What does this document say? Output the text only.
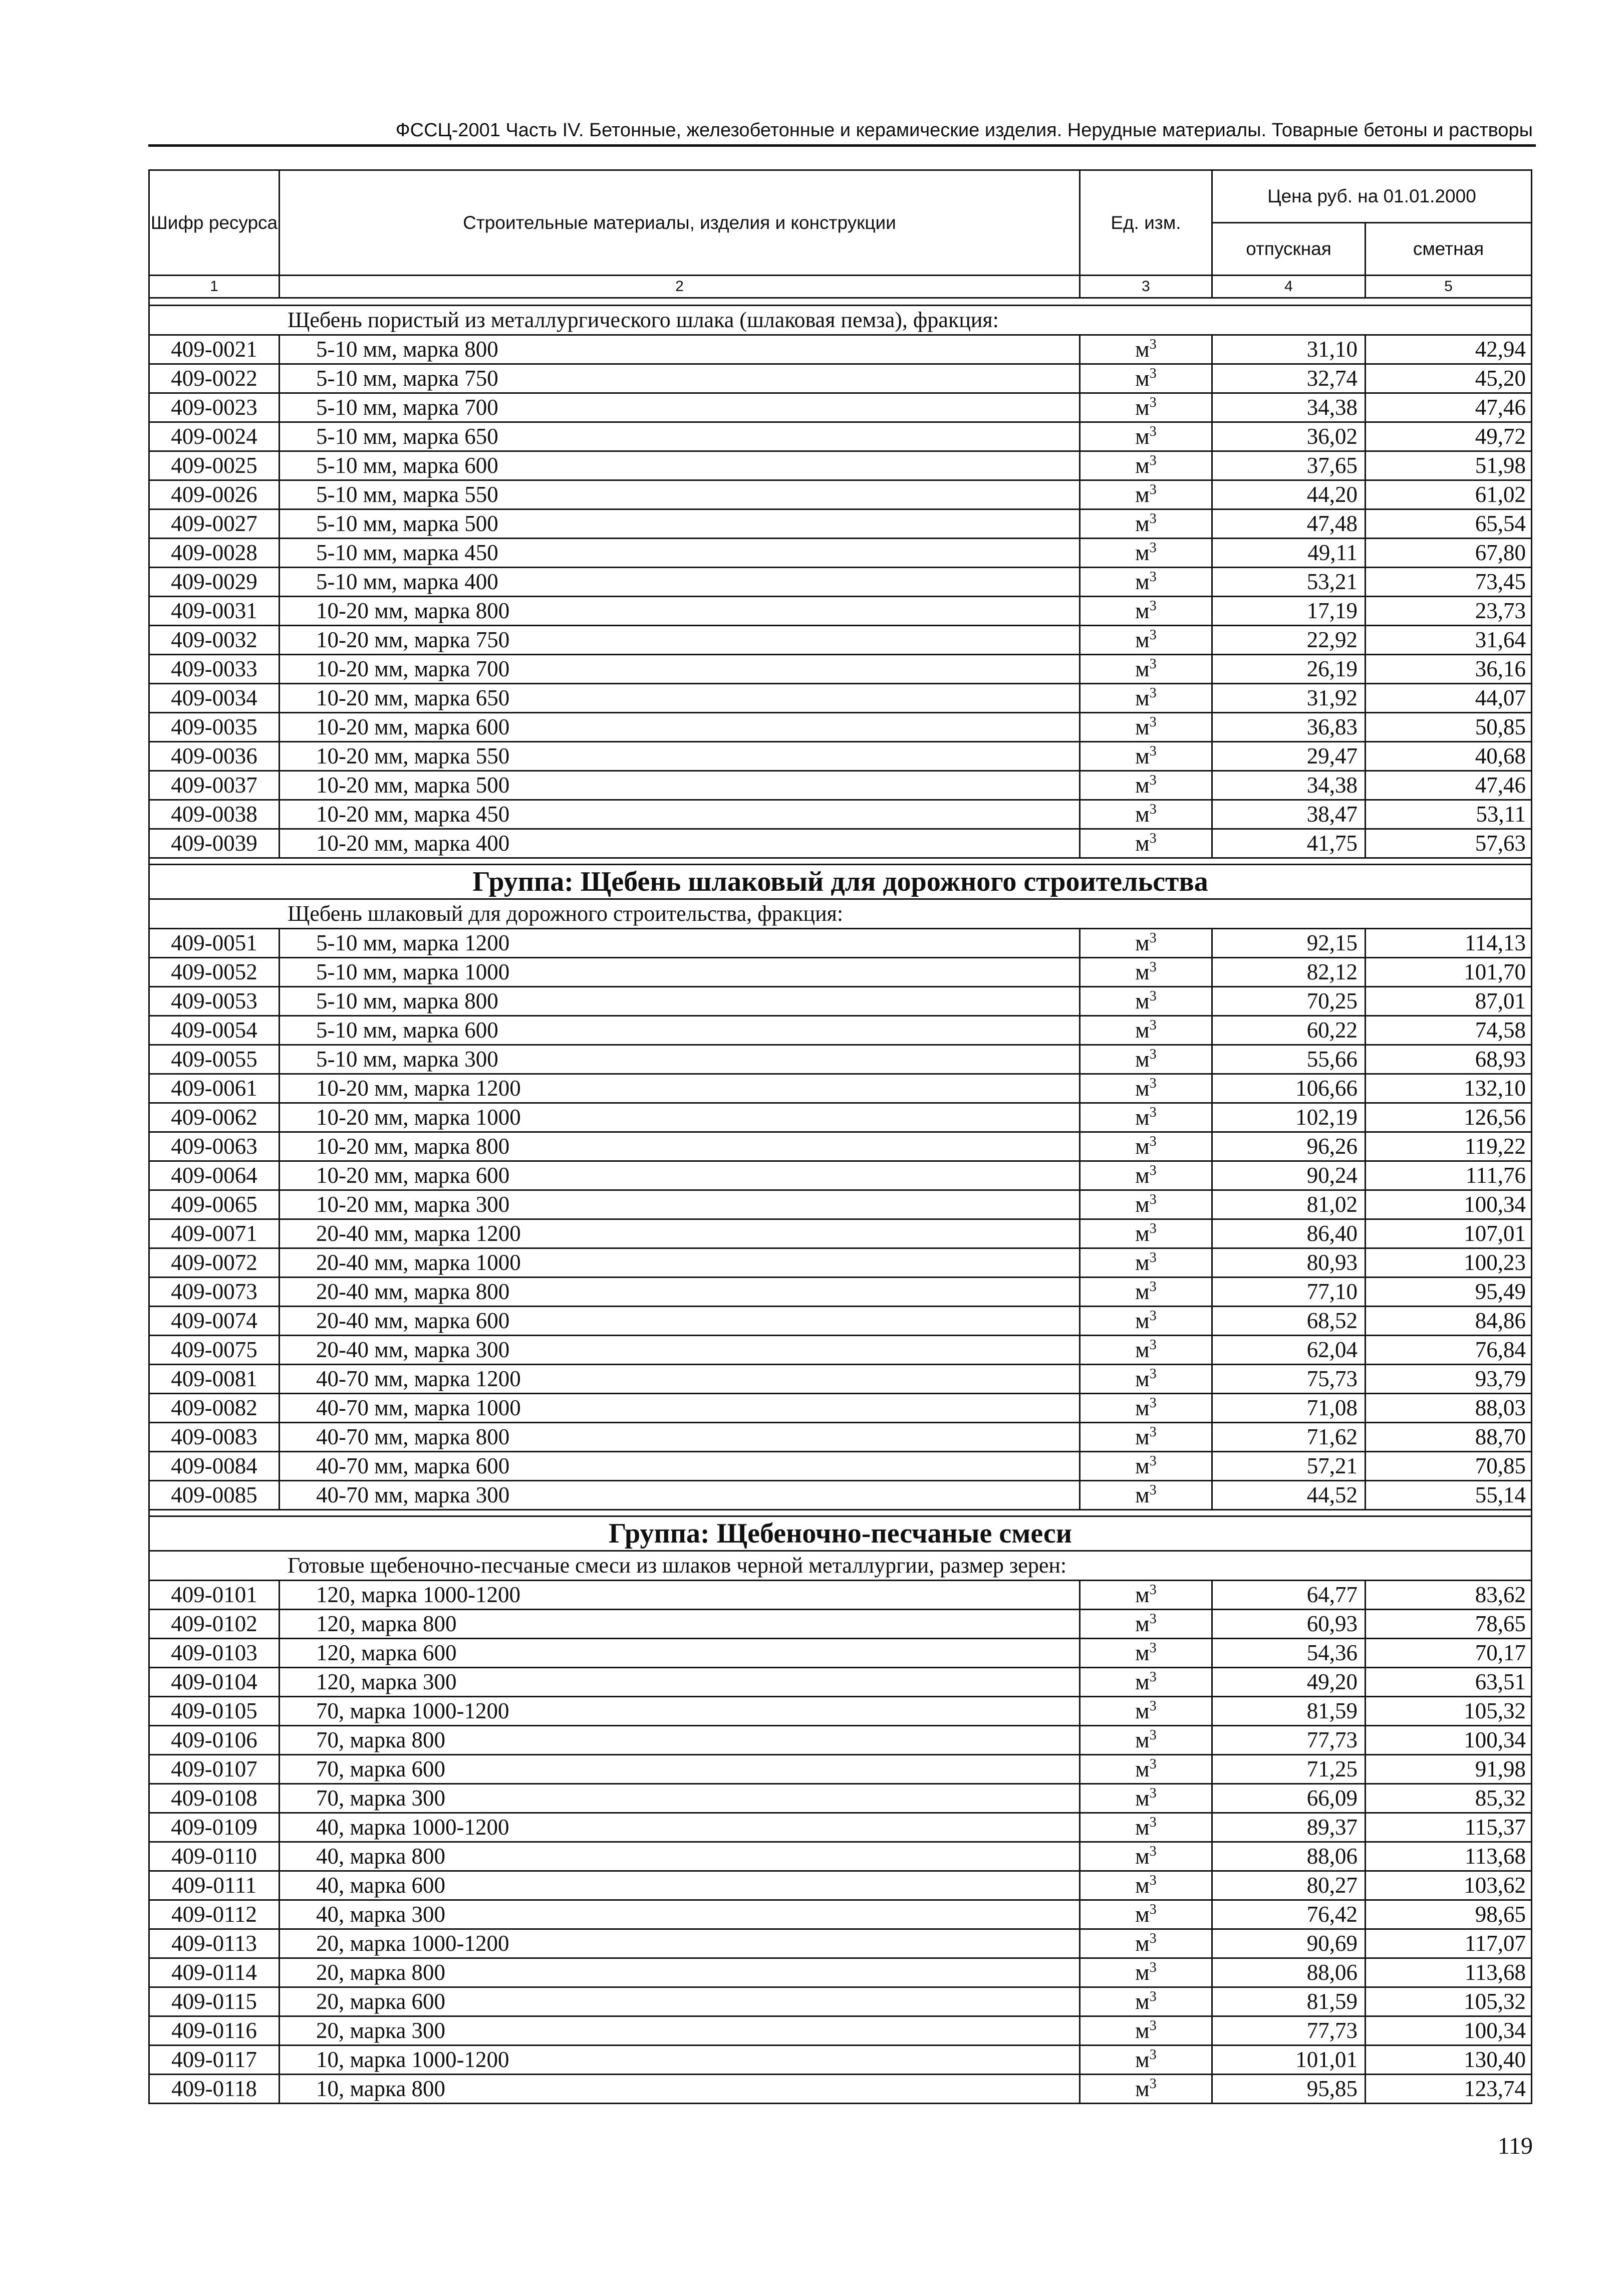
ФССЦ-2001 Часть IV. Бетонные, железобетонные и керамические изделия. Нерудные материалы. Товарные бетоны и растворы
Шифр ресурса	Строительные материалы, изделия и конструкции	Ед. изм.	Цена руб. на 01.01.2000	
			отпускная	сметная
1	2	3	4	5

Щебень пористый из металлургического шлака (шлаковая пемза), фракция:				
409-0021	5-10 мм, марка 800	$м^3$	31,10	42,94
409-0022	5-10 мм, марка 750	$м^3$	32,74	45,20
409-0023	5-10 мм, марка 700	$м^3$	34,38	47,46
409-0024	5-10 мм, марка 650	$м^3$	36,02	49,72
409-0025	5-10 мм, марка 600	$м^3$	37,65	51,98
409-0026	5-10 мм, марка 550	$м^3$	44,20	61,02
409-0027	5-10 мм, марка 500	$м^3$	47,48	65,54
409-0028	5-10 мм, марка 450	$м^3$	49,11	67,80
409-0029	5-10 мм, марка 400	$м^3$	53,21	73,45
409-0031	10-20 мм, марка 800	$м^3$	17,19	23,73
409-0032	10-20 мм, марка 750	$м^3$	22,92	31,64
409-0033	10-20 мм, марка 700	$м^3$	26,19	36,16
409-0034	10-20 мм, марка 650	$м^3$	31,92	44,07
409-0035	10-20 мм, марка 600	$м^3$	36,83	50,85
409-0036	10-20 мм, марка 550	$м^3$	29,47	40,68
409-0037	10-20 мм, марка 500	$м^3$	34,38	47,46
409-0038	10-20 мм, марка 450	$м^3$	38,47	53,11
409-0039	10-20 мм, марка 400	$м^3$	41,75	57,63

Группа: Щебень шлаковый для дорожного строительства				
Щебень шлаковый для дорожного строительства, фракция:				
409-0051	5-10 мм, марка 1200	$м^3$	92,15	114,13
409-0052	5-10 мм, марка 1000	$м^3$	82,12	101,70
409-0053	5-10 мм, марка 800	$м^3$	70,25	87,01
409-0054	5-10 мм, марка 600	$м^3$	60,22	74,58
409-0055	5-10 мм, марка 300	$м^3$	55,66	68,93
409-0061	10-20 мм, марка 1200	$м^3$	106,66	132,10
409-0062	10-20 мм, марка 1000	$м^3$	102,19	126,56
409-0063	10-20 мм, марка 800	$м^3$	96,26	119,22
409-0064	10-20 мм, марка 600	$м^3$	90,24	111,76
409-0065	10-20 мм, марка 300	$м^3$	81,02	100,34
409-0071	20-40 мм, марка 1200	$м^3$	86,40	107,01
409-0072	20-40 мм, марка 1000	$м^3$	80,93	100,23
409-0073	20-40 мм, марка 800	$м^3$	77,10	95,49
409-0074	20-40 мм, марка 600	$м^3$	68,52	84,86
409-0075	20-40 мм, марка 300	$м^3$	62,04	76,84
409-0081	40-70 мм, марка 1200	$м^3$	75,73	93,79
409-0082	40-70 мм, марка 1000	$м^3$	71,08	88,03
409-0083	40-70 мм, марка 800	$м^3$	71,62	88,70
409-0084	40-70 мм, марка 600	$м^3$	57,21	70,85
409-0085	40-70 мм, марка 300	$м^3$	44,52	55,14

Группа: Щебеночно-песчаные смеси				
Готовые щебеночно-песчаные смеси из шлаков черной металлургии, размер зерен:				
409-0101	120, марка 1000-1200	$м^3$	64,77	83,62
409-0102	120, марка 800	$м^3$	60,93	78,65
409-0103	120, марка 600	$м^3$	54,36	70,17
409-0104	120, марка 300	$м^3$	49,20	63,51
409-0105	70, марка 1000-1200	$м^3$	81,59	105,32
409-0106	70, марка 800	$м^3$	77,73	100,34
409-0107	70, марка 600	$м^3$	71,25	91,98
409-0108	70, марка 300	$м^3$	66,09	85,32
409-0109	40, марка 1000-1200	$м^3$	89,37	115,37
409-0110	40, марка 800	$м^3$	88,06	113,68
409-0111	40, марка 600	$м^3$	80,27	103,62
409-0112	40, марка 300	$м^3$	76,42	98,65
409-0113	20, марка 1000-1200	$м^3$	90,69	117,07
409-0114	20, марка 800	$м^3$	88,06	113,68
409-0115	20, марка 600	$м^3$	81,59	105,32
409-0116	20, марка 300	$м^3$	77,73	100,34
409-0117	10, марка 1000-1200	$м^3$	101,01	130,40
409-0118	10, марка 800	$м^3$	95,85	123,74
119
